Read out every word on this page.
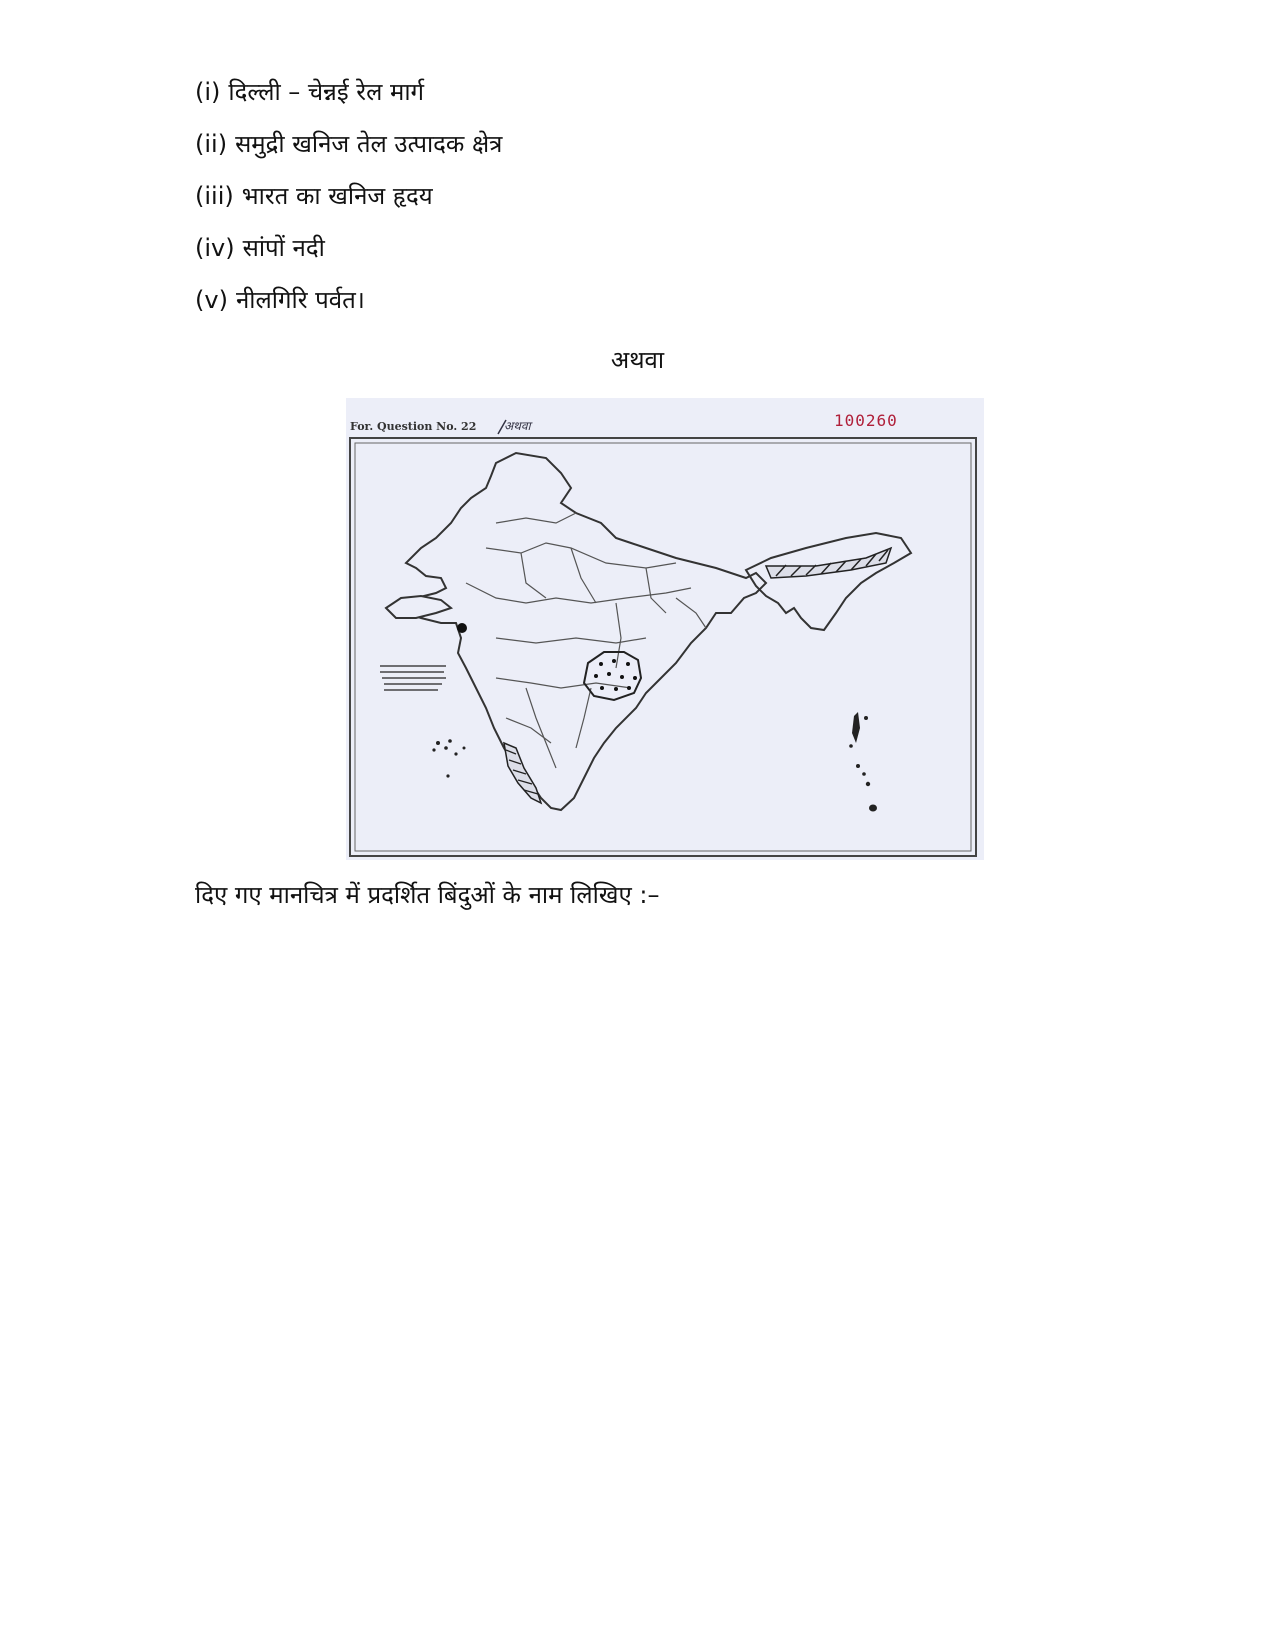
(i) दिल्ली – चेन्नई रेल मार्ग
(ii) समुद्री खनिज तेल उत्पादक क्षेत्र
(iii) भारत का खनिज हृदय
(iv) सांपों नदी
(v) नीलगिरि पर्वत।
अथवा
For. Question No. 22 अथवा	100260
दिए गए मानचित्र में प्रदर्शित बिंदुओं के नाम लिखिए :–
